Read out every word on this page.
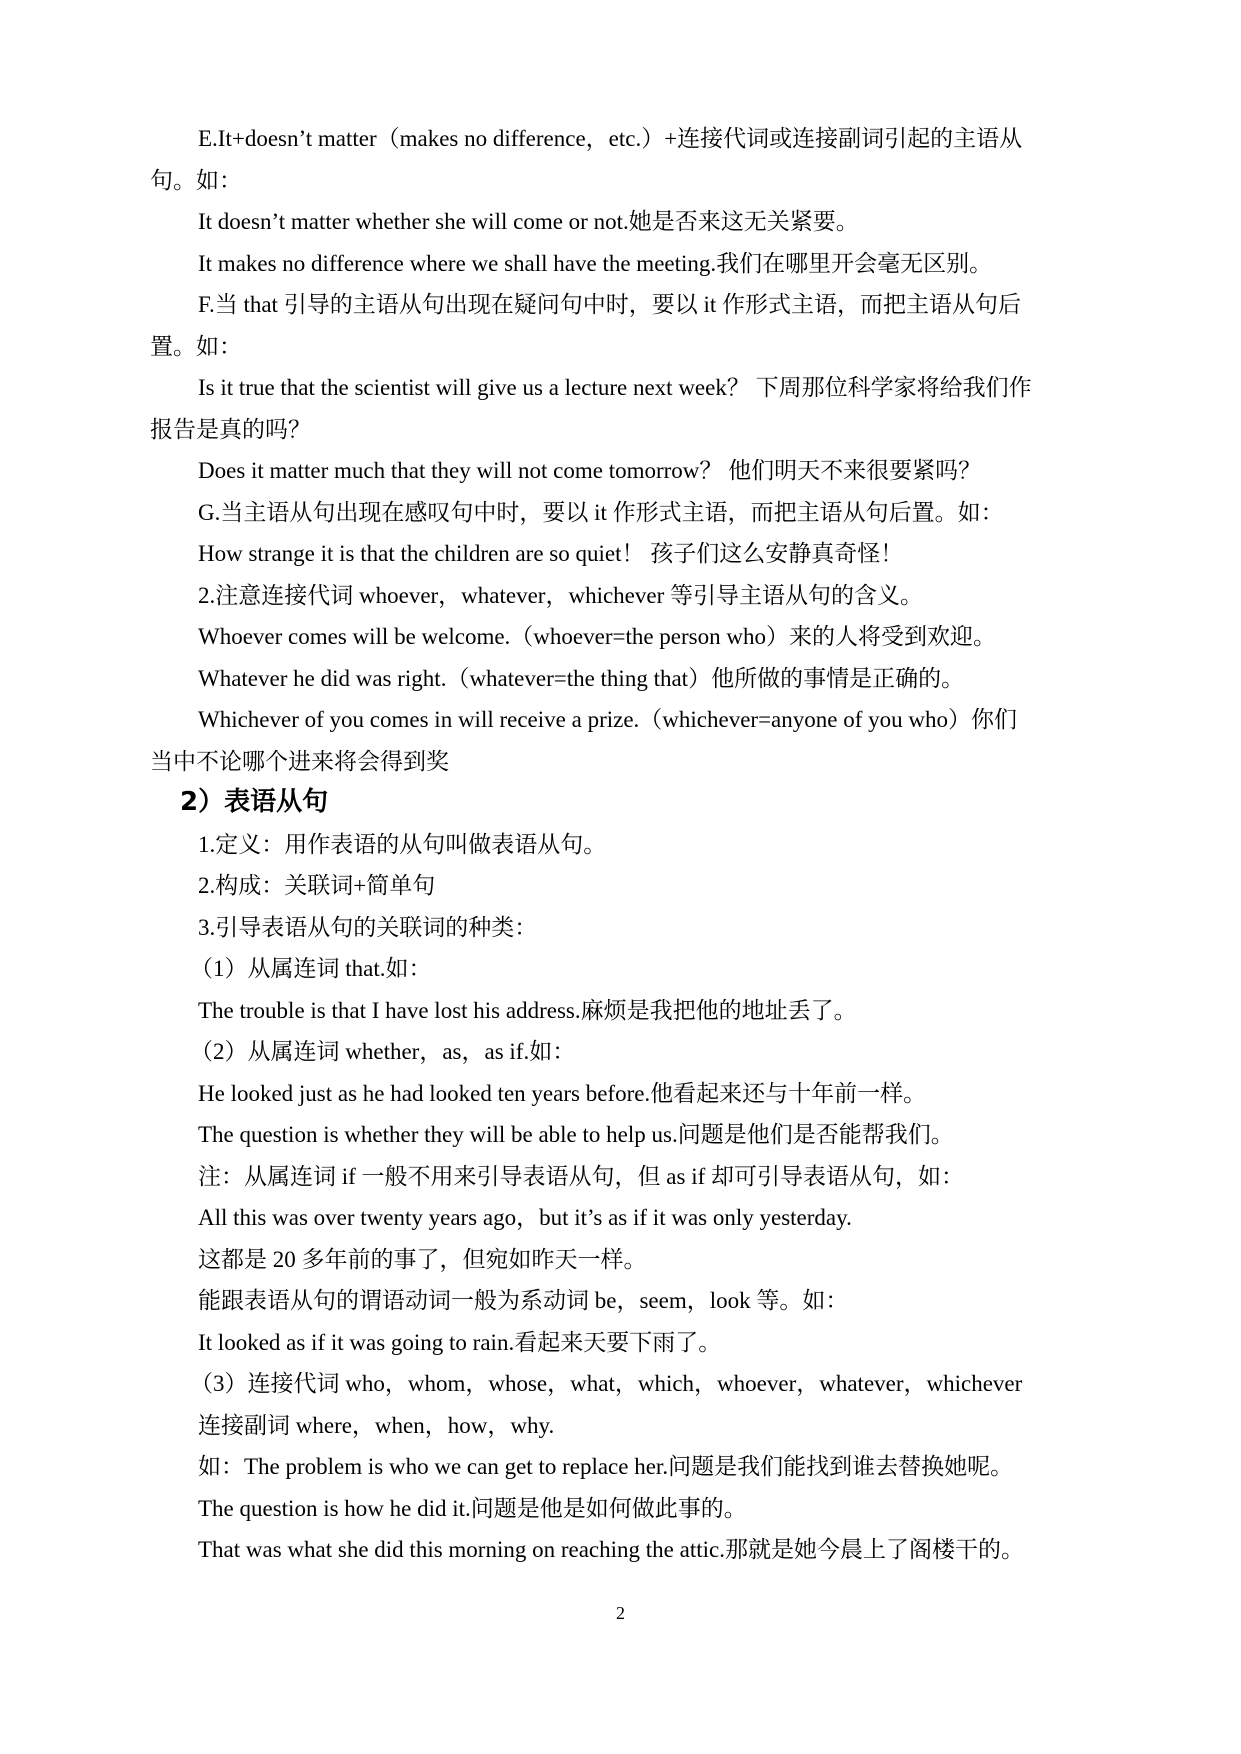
E.It+doesn’t matter（makes no difference，etc.）+连接代词或连接副词引起的主语从
句。如：
It doesn’t matter whether she will come or not.她是否来这无关紧要。
It makes no difference where we shall have the meeting.我们在哪里开会毫无区别。
F.当 that 引导的主语从句出现在疑问句中时，要以 it 作形式主语，而把主语从句后
置。如：
Is it true that the scientist will give us a lecture next week？ 下周那位科学家将给我们作
报告是真的吗？
Does it matter much that they will not come tomorrow？ 他们明天不来很要紧吗？
G.当主语从句出现在感叹句中时，要以 it 作形式主语，而把主语从句后置。如：
How strange it is that the children are so quiet！ 孩子们这么安静真奇怪！
2.注意连接代词 whoever，whatever，whichever 等引导主语从句的含义。
Whoever comes will be welcome.（whoever=the person who）来的人将受到欢迎。
Whatever he did was right.（whatever=the thing that）他所做的事情是正确的。
Whichever of you comes in will receive a prize.（whichever=anyone of you who）你们
当中不论哪个进来将会得到奖
2）表语从句
1.定义：用作表语的从句叫做表语从句。
2.构成：关联词+简单句
3.引导表语从句的关联词的种类：
（1）从属连词 that.如：
The trouble is that I have lost his address.麻烦是我把他的地址丢了。
（2）从属连词 whether，as，as if.如：
He looked just as he had looked ten years before.他看起来还与十年前一样。
The question is whether they will be able to help us.问题是他们是否能帮我们。
注：从属连词 if 一般不用来引导表语从句，但 as if 却可引导表语从句，如：
All this was over twenty years ago，but it’s as if it was only yesterday.
这都是 20 多年前的事了，但宛如昨天一样。
能跟表语从句的谓语动词一般为系动词 be，seem，look 等。如：
It looked as if it was going to rain.看起来天要下雨了。
（3）连接代词 who，whom，whose，what，which，whoever，whatever，whichever
连接副词 where，when，how，why.
如：The problem is who we can get to replace her.问题是我们能找到谁去替换她呢。
The question is how he did it.问题是他是如何做此事的。
That was what she did this morning on reaching the attic.那就是她今晨上了阁楼干的。
2
